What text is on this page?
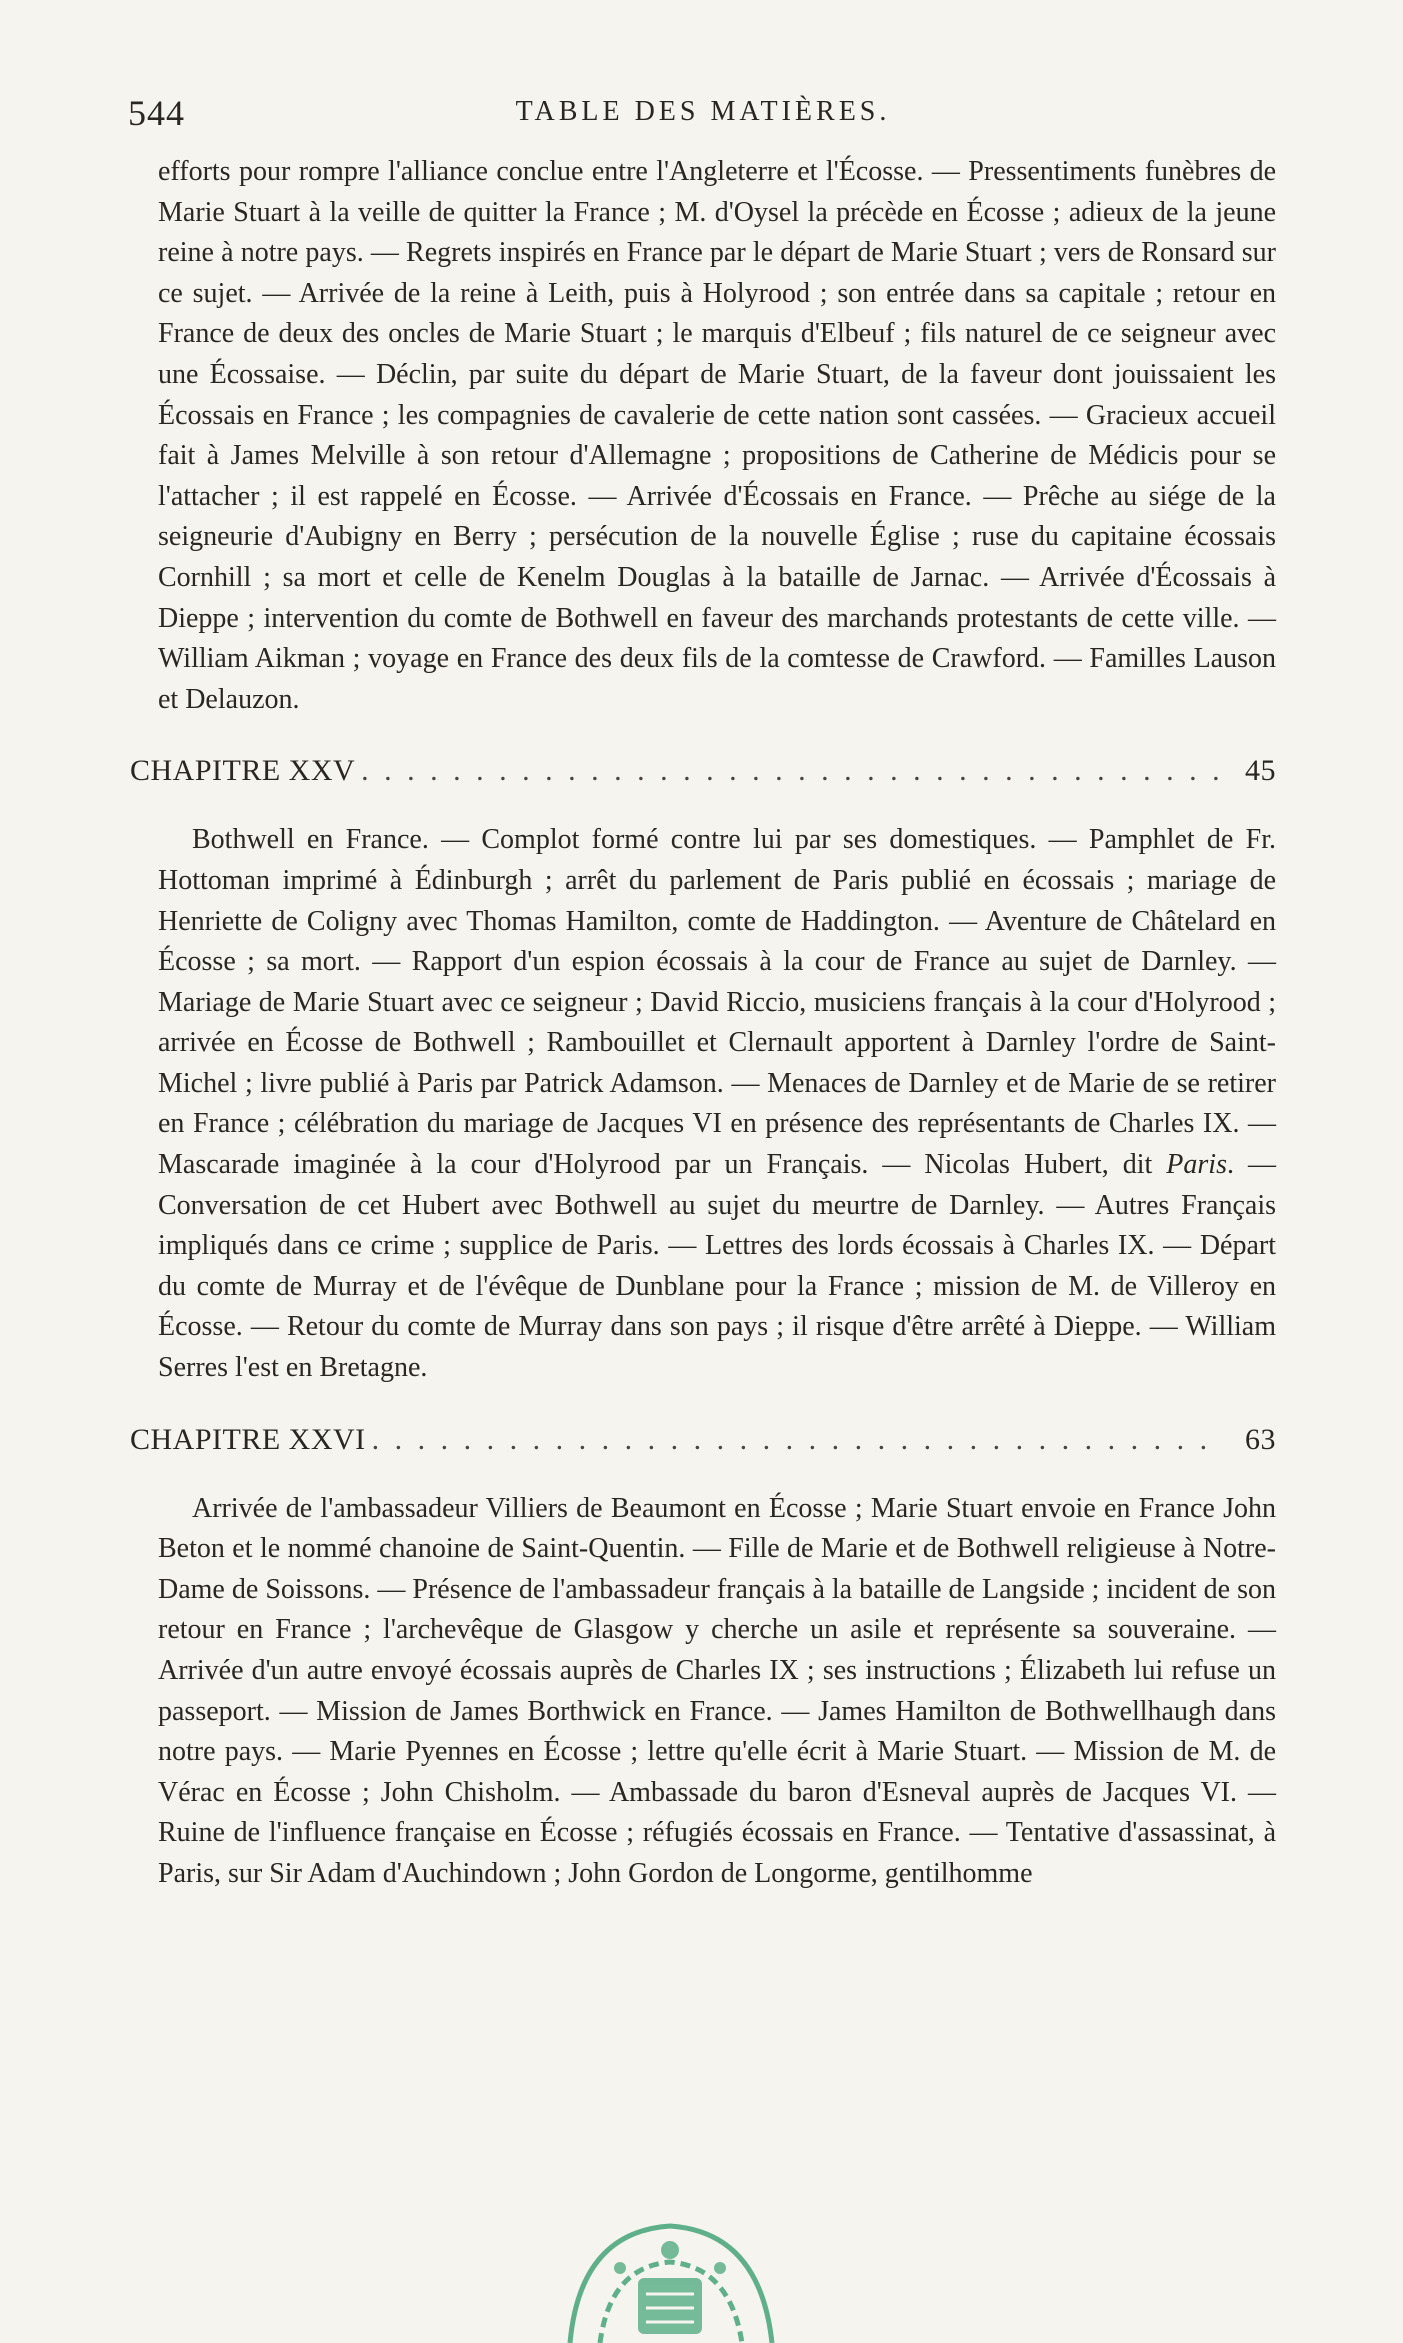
544	TABLE DES MATIÈRES.

efforts pour rompre l'alliance conclue entre l'Angleterre et l'Écosse. — Pressentiments funèbres de Marie Stuart à la veille de quitter la France ; M. d'Oysel la précède en Écosse ; adieux de la jeune reine à notre pays. — Regrets inspirés en France par le départ de Marie Stuart ; vers de Ronsard sur ce sujet. — Arrivée de la reine à Leith, puis à Holyrood ; son entrée dans sa capitale ; retour en France de deux des oncles de Marie Stuart ; le marquis d'Elbeuf ; fils naturel de ce seigneur avec une Écossaise. — Déclin, par suite du départ de Marie Stuart, de la faveur dont jouissaient les Écossais en France ; les compagnies de cavalerie de cette nation sont cassées. — Gracieux accueil fait à James Melville à son retour d'Allemagne ; propositions de Catherine de Médicis pour se l'attacher ; il est rappelé en Écosse. — Arrivée d'Écossais en France. — Prêche au siége de la seigneurie d'Aubigny en Berry ; persécution de la nouvelle Église ; ruse du capitaine écossais Cornhill ; sa mort et celle de Kenelm Douglas à la bataille de Jarnac. — Arrivée d'Écossais à Dieppe ; intervention du comte de Bothwell en faveur des marchands protestants de cette ville. — William Aikman ; voyage en France des deux fils de la comtesse de Crawford. — Familles Lauson et Delauzon.

CHAPITRE XXV . . .	45

Bothwell en France. — Complot formé contre lui par ses domestiques. — Pamphlet de Fr. Hottoman imprimé à Édinburgh ; arrêt du parlement de Paris publié en écossais ; mariage de Henriette de Coligny avec Thomas Hamilton, comte de Haddington. — Aventure de Châtelard en Écosse ; sa mort. — Rapport d'un espion écossais à la cour de France au sujet de Darnley. — Mariage de Marie Stuart avec ce seigneur ; David Riccio, musiciens français à la cour d'Holyrood ; arrivée en Écosse de Bothwell ; Rambouillet et Clernault apportent à Darnley l'ordre de Saint-Michel ; livre publié à Paris par Patrick Adamson. — Menaces de Darnley et de Marie de se retirer en France ; célébration du mariage de Jacques VI en présence des représentants de Charles IX. — Mascarade imaginée à la cour d'Holyrood par un Français. — Nicolas Hubert, dit Paris. — Conversation de cet Hubert avec Bothwell au sujet du meurtre de Darnley. — Autres Français impliqués dans ce crime ; supplice de Paris. — Lettres des lords écossais à Charles IX. — Départ du comte de Murray et de l'évêque de Dunblane pour la France ; mission de M. de Villeroy en Écosse. — Retour du comte de Murray dans son pays ; il risque d'être arrêté à Dieppe. — William Serres l'est en Bretagne.

CHAPITRE XXVI . . .	63

Arrivée de l'ambassadeur Villiers de Beaumont en Écosse ; Marie Stuart envoie en France John Beton et le nommé chanoine de Saint-Quentin. — Fille de Marie et de Bothwell religieuse à Notre-Dame de Soissons. — Présence de l'ambassadeur français à la bataille de Langside ; incident de son retour en France ; l'archevêque de Glasgow y cherche un asile et représente sa souveraine. — Arrivée d'un autre envoyé écossais auprès de Charles IX ; ses instructions ; Élizabeth lui refuse un passeport. — Mission de James Borthwick en France. — James Hamilton de Bothwellhaugh dans notre pays. — Marie Pyennes en Écosse ; lettre qu'elle écrit à Marie Stuart. — Mission de M. de Vérac en Écosse ; John Chisholm. — Ambassade du baron d'Esneval auprès de Jacques VI. — Ruine de l'influence française en Écosse ; réfugiés écossais en France. — Tentative d'assassinat, à Paris, sur Sir Adam d'Auchindown ; John Gordon de Longorme, gentilhomme
